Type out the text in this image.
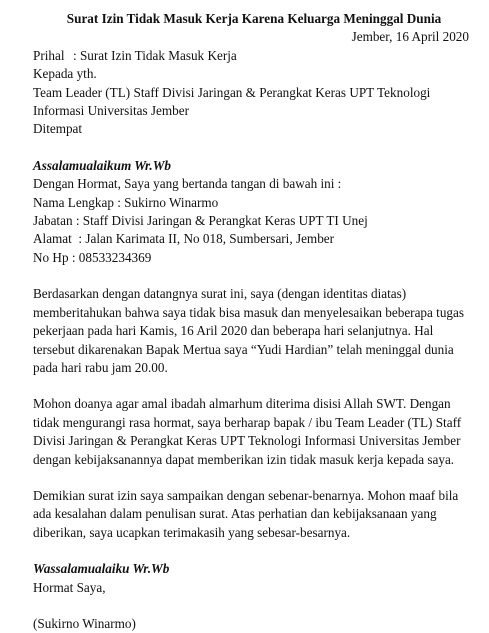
Surat Izin Tidak Masuk Kerja Karena Keluarga Meninggal Dunia

Jember, 16 April 2020

Prihal : Surat Izin Tidak Masuk Kerja

Kepada yth.

Team Leader (TL) Staff Divisi Jaringan & Perangkat Keras UPT Teknologi

Informasi Universitas Jember

Ditempat

Assalamualaikum Wr.Wb

Dengan Hormat, Saya yang bertanda tangan di bawah ini :

Nama Lengkap : Sukirno Winarmo

Jabatan : Staff Divisi Jaringan & Perangkat Keras UPT TI Unej

Alamat  : Jalan Karimata II, No 018, Sumbersari, Jember

No Hp : 08533234369

Berdasarkan dengan datangnya surat ini, saya (dengan identitas diatas)

memberitahukan bahwa saya tidak bisa masuk dan menyelesaikan beberapa tugas

pekerjaan pada hari Kamis, 16 Aril 2020 dan beberapa hari selanjutnya. Hal

tersebut dikarenakan Bapak Mertua saya “Yudi Hardian” telah meninggal dunia

pada hari rabu jam 20.00.

Mohon doanya agar amal ibadah almarhum diterima disisi Allah SWT. Dengan

tidak mengurangi rasa hormat, saya berharap bapak / ibu Team Leader (TL) Staff

Divisi Jaringan & Perangkat Keras UPT Teknologi Informasi Universitas Jember

dengan kebijaksanannya dapat memberikan izin tidak masuk kerja kepada saya.

Demikian surat izin saya sampaikan dengan sebenar-benarnya. Mohon maaf bila

ada kesalahan dalam penulisan surat. Atas perhatian dan kebijaksanaan yang

diberikan, saya ucapkan terimakasih yang sebesar-besarnya.

Wassalamualaiku Wr.Wb

Hormat Saya,

(Sukirno Winarmo)
